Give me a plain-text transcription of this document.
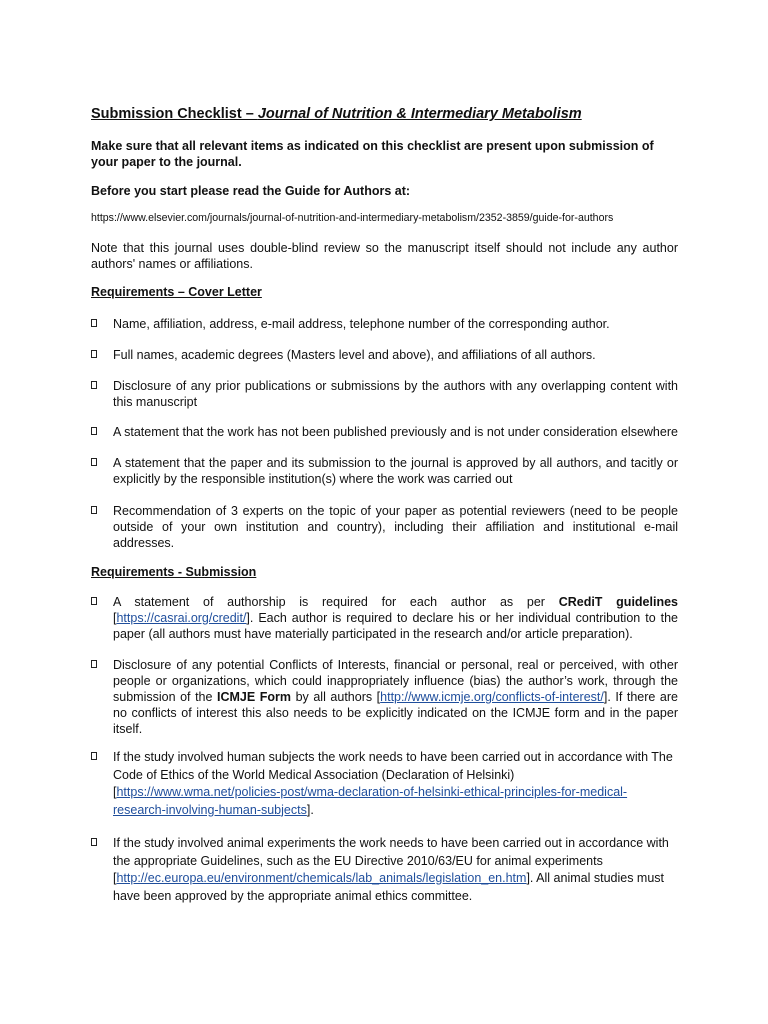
Submission Checklist – Journal of Nutrition & Intermediary Metabolism
Make sure that all relevant items as indicated on this checklist are present upon submission of your paper to the journal.
Before you start please read the Guide for Authors at:
https://www.elsevier.com/journals/journal-of-nutrition-and-intermediary-metabolism/2352-3859/guide-for-authors
Note that this journal uses double-blind review so the manuscript itself should not include any author authors' names or affiliations.
Requirements – Cover Letter
Name, affiliation, address, e-mail address, telephone number of the corresponding author.
Full names, academic degrees (Masters level and above), and affiliations of all authors.
Disclosure of any prior publications or submissions by the authors with any overlapping content with this manuscript
A statement that the work has not been published previously and is not under consideration elsewhere
A statement that the paper and its submission to the journal is approved by all authors, and tacitly or explicitly by the responsible institution(s) where the work was carried out
Recommendation of 3 experts on the topic of your paper as potential reviewers (need to be people outside of your own institution and country), including their affiliation and institutional e-mail addresses.
Requirements - Submission
A statement of authorship is required for each author as per CRediT guidelines [https://casrai.org/credit/]. Each author is required to declare his or her individual contribution to the paper (all authors must have materially participated in the research and/or article preparation).
Disclosure of any potential Conflicts of Interests, financial or personal, real or perceived, with other people or organizations, which could inappropriately influence (bias) the author’s work, through the submission of the ICMJE Form by all authors [http://www.icmje.org/conflicts-of-interest/]. If there are no conflicts of interest this also needs to be explicitly indicated on the ICMJE form and in the paper itself.
If the study involved human subjects the work needs to have been carried out in accordance with The Code of Ethics of the World Medical Association (Declaration of Helsinki) [https://www.wma.net/policies-post/wma-declaration-of-helsinki-ethical-principles-for-medical-research-involving-human-subjects].
If the study involved animal experiments the work needs to have been carried out in accordance with the appropriate Guidelines, such as the EU Directive 2010/63/EU for animal experiments [http://ec.europa.eu/environment/chemicals/lab_animals/legislation_en.htm]. All animal studies must have been approved by the appropriate animal ethics committee.
